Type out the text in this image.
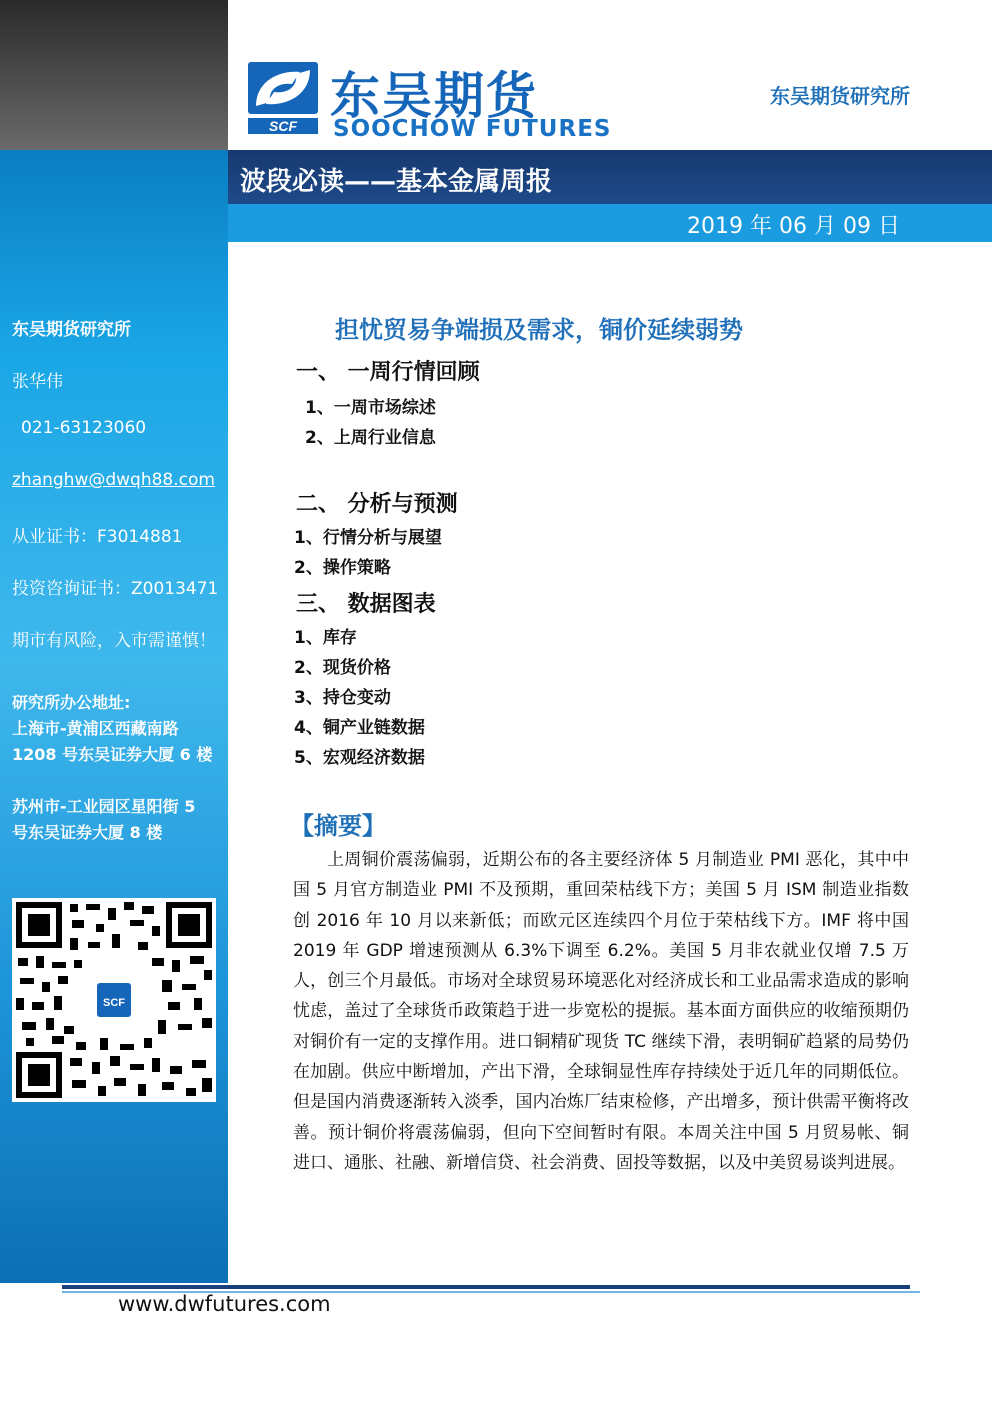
SCF
东吴期货
SOOCHOW FUTURES
东吴期货研究所
波段必读——基本金属周报
2019 年 06 月 09 日
东吴期货研究所
张华伟
021-63123060
zhanghw@dwqh88.com
从业证书：F3014881
投资咨询证书：Z0013471
期市有风险，入市需谨慎！
研究所办公地址:
上海市-黄浦区西藏南路
1208 号东吴证券大厦 6 楼
苏州市-工业园区星阳街 5
号东吴证券大厦 8 楼
SCF
担忧贸易争端损及需求，铜价延续弱势
一、 一周行情回顾
1、一周市场综述
2、上周行业信息
二、 分析与预测
1、行情分析与展望
2、操作策略
三、 数据图表
1、库存
2、现货价格
3、持仓变动
4、铜产业链数据
5、宏观经济数据
【摘要】

上周铜价震荡偏弱，近期公布的各主要经济体 5 月制造业 PMI 恶化，其中中国 5 月官方制造业 PMI 不及预期，重回荣枯线下方；美国 5 月 ISM 制造业指数创 2016 年 10 月以来新低；而欧元区连续四个月位于荣枯线下方。IMF 将中国 2019 年 GDP 增速预测从 6.3%下调至 6.2%。美国 5 月非农就业仅增 7.5 万人，创三个月最低。市场对全球贸易环境恶化对经济成长和工业品需求造成的影响忧虑，盖过了全球货币政策趋于进一步宽松的提振。基本面方面供应的收缩预期仍对铜价有一定的支撑作用。进口铜精矿现货 TC 继续下滑，表明铜矿趋紧的局势仍在加剧。供应中断增加，产出下滑，全球铜显性库存持续处于近几年的同期低位。但是国内消费逐渐转入淡季，国内冶炼厂结束检修，产出增多，预计供需平衡将改善。预计铜价将震荡偏弱，但向下空间暂时有限。本周关注中国 5 月贸易帐、铜进口、通胀、社融、新增信贷、社会消费、固投等数据，以及中美贸易谈判进展。

www.dwfutures.com
